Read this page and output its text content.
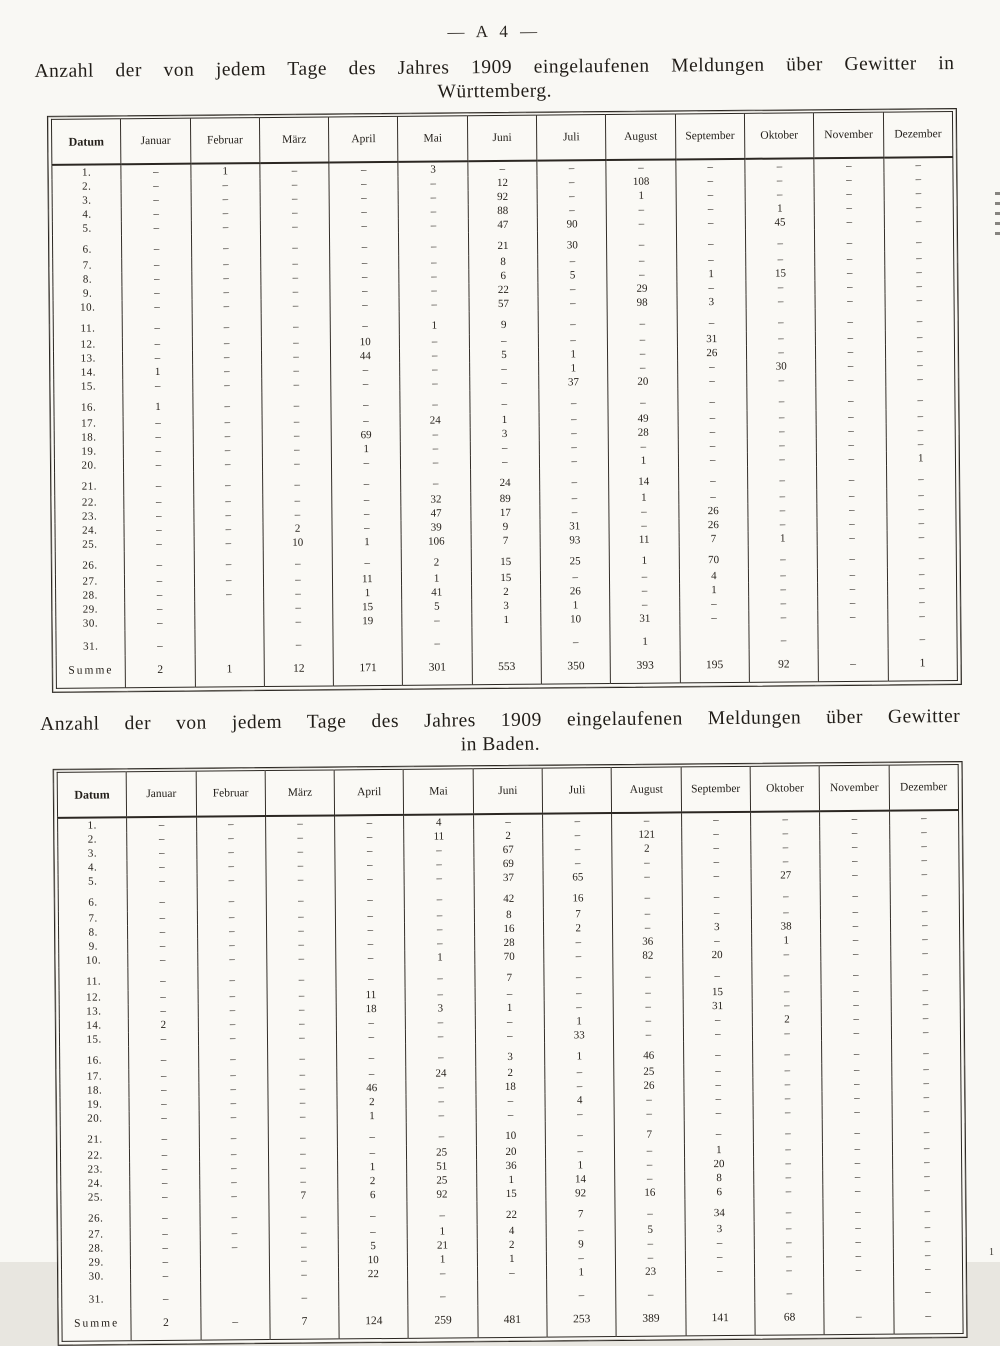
— A 4 —
Anzahl der von jedem Tage des Jahres 1909 eingelaufenen Meldungen über Gewitter in
Württemberg.
Datum	Januar	Februar	März	April	Mai	Juni	Juli	August	September	Oktober	November	Dezember
1.	–	1	–	–	3	–	–	–	–	–	–	–
2.	–	–	–	–	–	12	–	108	–	–	–	–
3.	–	–	–	–	–	92	–	1	–	–	–	–
4.	–	–	–	–	–	88	–	–	–	1	–	–
5.	–	–	–	–	–	47	90	–	–	45	–	–
6.	–	–	–	–	–	21	30	–	–	–	–	–
7.	–	–	–	–	–	8	–	–	–	–	–	–
8.	–	–	–	–	–	6	5	–	1	15	–	–
9.	–	–	–	–	–	22	–	29	–	–	–	–
10.	–	–	–	–	–	57	–	98	3	–	–	–
11.	–	–	–	–	1	9	–	–	–	–	–	–
12.	–	–	–	10	–	–	–	–	31	–	–	–
13.	–	–	–	44	–	5	1	–	26	–	–	–
14.	1	–	–	–	–	–	1	–	–	30	–	–
15.	–	–	–	–	–	–	37	20	–	–	–	–
16.	1	–	–	–	–	–	–	–	–	–	–	–
17.	–	–	–	–	24	1	–	49	–	–	–	–
18.	–	–	–	69	–	3	–	28	–	–	–	–
19.	–	–	–	1	–	–	–	–	–	–	–	–
20.	–	–	–	–	–	–	–	1	–	–	–	1
21.	–	–	–	–	–	24	–	14	–	–	–	–
22.	–	–	–	–	32	89	–	1	–	–	–	–
23.	–	–	–	–	47	17	–	–	26	–	–	–
24.	–	–	2	–	39	9	31	–	26	–	–	–
25.	–	–	10	1	106	7	93	11	7	1	–	–
26.	–	–	–	–	2	15	25	1	70	–	–	–
27.	–	–	–	11	1	15	–	–	4	–	–	–
28.	–	–	–	1	41	2	26	–	1	–	–	–
29.	–		–	15	5	3	1	–	–	–	–	–
30.	–		–	19	–	1	10	31	–	–	–	–
31.	–		–		–		–	1		–		–
Summe	2	1	12	171	301	553	350	393	195	92	–	1
Anzahl der von jedem Tage des Jahres 1909 eingelaufenen Meldungen über Gewitter
in Baden.
Datum	Januar	Februar	März	April	Mai	Juni	Juli	August	September	Oktober	November	Dezember
1.	–	–	–	–	4	–	–	–	–	–	–	–
2.	–	–	–	–	11	2	–	121	–	–	–	–
3.	–	–	–	–	–	67	–	2	–	–	–	–
4.	–	–	–	–	–	69	–	–	–	–	–	–
5.	–	–	–	–	–	37	65	–	–	27	–	–
6.	–	–	–	–	–	42	16	–	–	–	–	–
7.	–	–	–	–	–	8	7	–	–	–	–	–
8.	–	–	–	–	–	16	2	–	3	38	–	–
9.	–	–	–	–	–	28	–	36	–	1	–	–
10.	–	–	–	–	1	70	–	82	20	–	–	–
11.	–	–	–	–	–	7	–	–	–	–	–	–
12.	–	–	–	11	–	–	–	–	15	–	–	–
13.	–	–	–	18	3	1	–	–	31	–	–	–
14.	2	–	–	–	–	–	1	–	–	2	–	–
15.	–	–	–	–	–	–	33	–	–	–	–	–
16.	–	–	–	–	–	3	1	46	–	–	–	–
17.	–	–	–	–	24	2	–	25	–	–	–	–
18.	–	–	–	46	–	18	–	26	–	–	–	–
19.	–	–	–	2	–	–	4	–	–	–	–	–
20.	–	–	–	1	–	–	–	–	–	–	–	–
21.	–	–	–	–	–	10	–	7	–	–	–	–
22.	–	–	–	–	25	20	–	–	1	–	–	–
23.	–	–	–	1	51	36	1	–	20	–	–	–
24.	–	–	–	2	25	1	14	–	8	–	–	–
25.	–	–	7	6	92	15	92	16	6	–	–	–
26.	–	–	–	–	–	22	7	–	34	–	–	–
27.	–	–	–	–	1	4	–	5	3	–	–	–
28.	–	–	–	5	21	2	9	–	–	–	–	–
29.	–		–	10	1	1	–	–	–	–	–	–
30.	–		–	22	–	–	1	23	–	–	–	–
31.	–		–		–		–	–		–		–
Summe	2	–	7	124	259	481	253	389	141	68	–	–
1
